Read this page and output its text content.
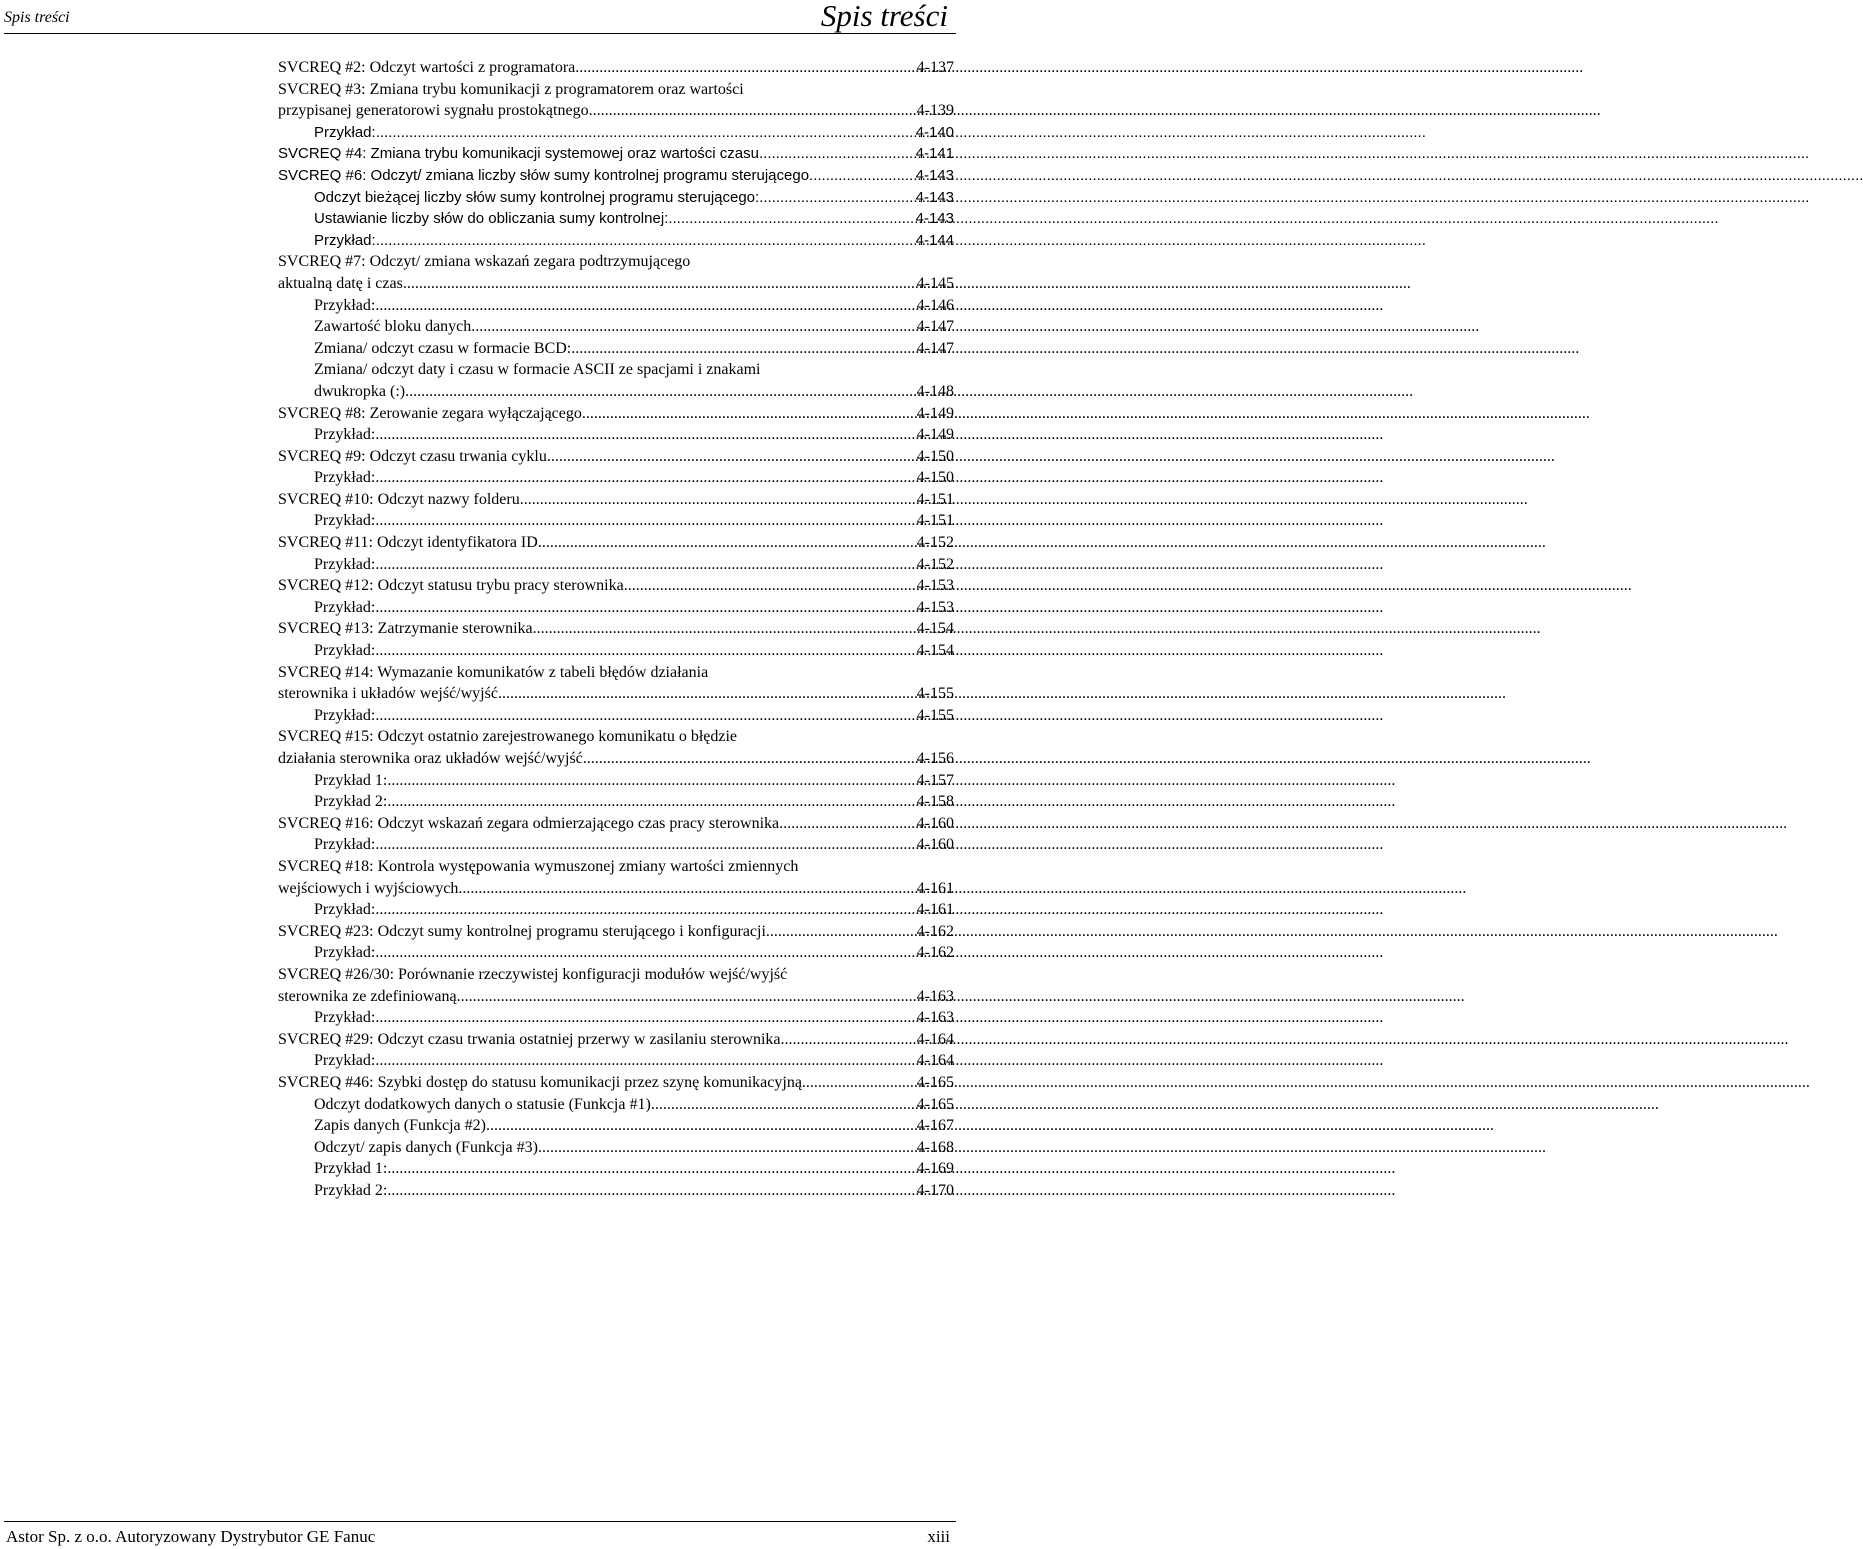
Spis treści	Spis treści
SVCREQ #2: Odczyt wartości z programatora .....	4-137
SVCREQ #3: Zmiana trybu komunikacji z programatorem oraz wartości
przypisanej generatorowi sygnału prostokątnego. .....	4-139
Przykład: .....	4-140
SVCREQ #4: Zmiana trybu komunikacji systemowej oraz wartości czasu .....	4-141
SVCREQ #6: Odczyt/ zmiana liczby słów sumy kontrolnej programu sterującego. .....	4-143
Odczyt bieżącej liczby słów sumy kontrolnej programu sterującego: .....	4-143
Ustawianie liczby słów do obliczania sumy kontrolnej: .....	4-143
Przykład: .....	4-144
SVCREQ #7: Odczyt/ zmiana wskazań zegara podtrzymującego
aktualną datę i czas .....	4-145
Przykład: .....	4-146
Zawartość bloku danych .....	4-147
Zmiana/ odczyt czasu w formacie BCD: .....	4-147
Zmiana/ odczyt daty i czasu w formacie ASCII ze spacjami i znakami
dwukropka (:) .....	4-148
SVCREQ #8: Zerowanie zegara wyłączającego .....	4-149
Przykład: .....	4-149
SVCREQ #9: Odczyt czasu trwania cyklu .....	4-150
Przykład: .....	4-150
SVCREQ #10: Odczyt nazwy folderu .....	4-151
Przykład: .....	4-151
SVCREQ #11: Odczyt identyfikatora ID .....	4-152
Przykład: .....	4-152
SVCREQ #12: Odczyt statusu trybu pracy sterownika .....	4-153
Przykład: .....	4-153
SVCREQ #13: Zatrzymanie sterownika .....	4-154
Przykład: .....	4-154
SVCREQ #14: Wymazanie komunikatów z tabeli błędów działania
sterownika i układów wejść/wyjść .....	4-155
Przykład: .....	4-155
SVCREQ #15: Odczyt ostatnio zarejestrowanego komunikatu o błędzie
działania sterownika oraz układów wejść/wyjść .....	4-156
Przykład 1: .....	4-157
Przykład 2: .....	4-158
SVCREQ #16: Odczyt wskazań zegara odmierzającego czas pracy sterownika .....	4-160
Przykład: .....	4-160
SVCREQ #18: Kontrola występowania wymuszonej zmiany wartości zmiennych
wejściowych i wyjściowych .....	4-161
Przykład: .....	4-161
SVCREQ #23: Odczyt sumy kontrolnej programu sterującego i konfiguracji. .....	4-162
Przykład: .....	4-162
SVCREQ #26/30: Porównanie rzeczywistej konfiguracji modułów wejść/wyjść
sterownika ze zdefiniowaną .....	4-163
Przykład: .....	4-163
SVCREQ #29: Odczyt czasu trwania ostatniej przerwy w zasilaniu sterownika .....	4-164
Przykład: .....	4-164
SVCREQ #46: Szybki dostęp do statusu komunikacji przez szynę komunikacyjną .....	4-165
Odczyt dodatkowych danych o statusie (Funkcja #1) .....	4-165
Zapis danych (Funkcja #2) .....	4-167
Odczyt/ zapis danych (Funkcja #3) .....	4-168
Przykład 1: .....	4-169
Przykład 2: .....	4-170
Astor Sp. z o.o. Autoryzowany Dystrybutor GE Fanuc	xiii
